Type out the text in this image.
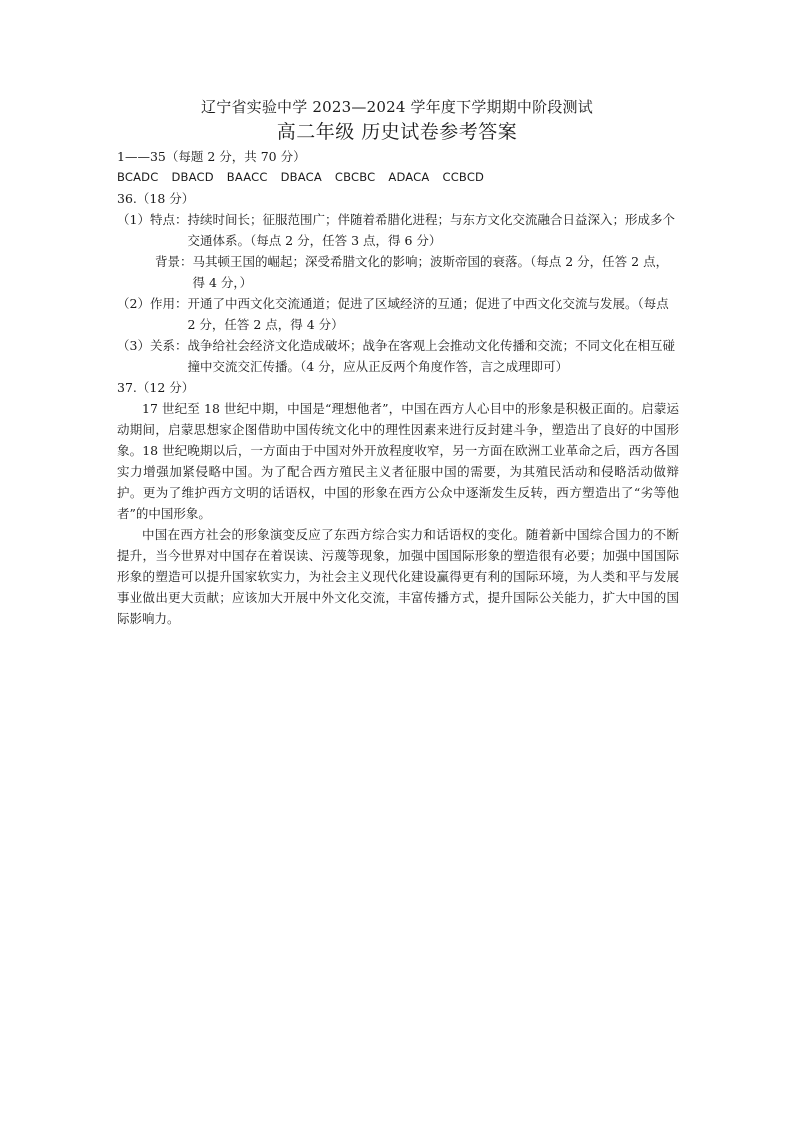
辽宁省实验中学 2023—2024 学年度下学期期中阶段测试
高二年级 历史试卷参考答案
1——35（每题 2 分，共 70 分）
BCADC DBACD BAACC DBACA CBCBC ADACA CCBCD
36.（18 分）
（1）特点： 持续时间长；征服范围广；伴随着希腊化进程；与东方文化交流融合日益深入；形成多个交通体系。（每点 2 分，任答 3 点，得 6 分）
背景： 马其顿王国的崛起；深受希腊文化的影响；波斯帝国的衰落。（每点 2 分，任答 2 点，得 4 分，）
（2）作用： 开通了中西文化交流通道；促进了区域经济的互通；促进了中西文化交流与发展。（每点 2 分，任答 2 点，得 4 分）
（3）关系： 战争给社会经济文化造成破坏；战争在客观上会推动文化传播和交流；不同文化在相互碰撞中交流交汇传播。（4 分，应从正反两个角度作答，言之成理即可）
37.（12 分）
17 世纪至 18 世纪中期，中国是“理想他者”，中国在西方人心目中的形象是积极正面的。启蒙运动期间，启蒙思想家企图借助中国传统文化中的理性因素来进行反封建斗争，塑造出了良好的中国形象。18 世纪晚期以后，一方面由于中国对外开放程度收窄，另一方面在欧洲工业革命之后，西方各国实力增强加紧侵略中国。为了配合西方殖民主义者征服中国的需要，为其殖民活动和侵略活动做辩护。更为了维护西方文明的话语权，中国的形象在西方公众中逐渐发生反转，西方塑造出了“劣等他者”的中国形象。
中国在西方社会的形象演变反应了东西方综合实力和话语权的变化。随着新中国综合国力的不断提升，当今世界对中国存在着误读、污蔑等现象，加强中国国际形象的塑造很有必要；加强中国国际形象的塑造可以提升国家软实力，为社会主义现代化建设赢得更有利的国际环境，为人类和平与发展事业做出更大贡献；应该加大开展中外文化交流，丰富传播方式，提升国际公关能力，扩大中国的国际影响力。
